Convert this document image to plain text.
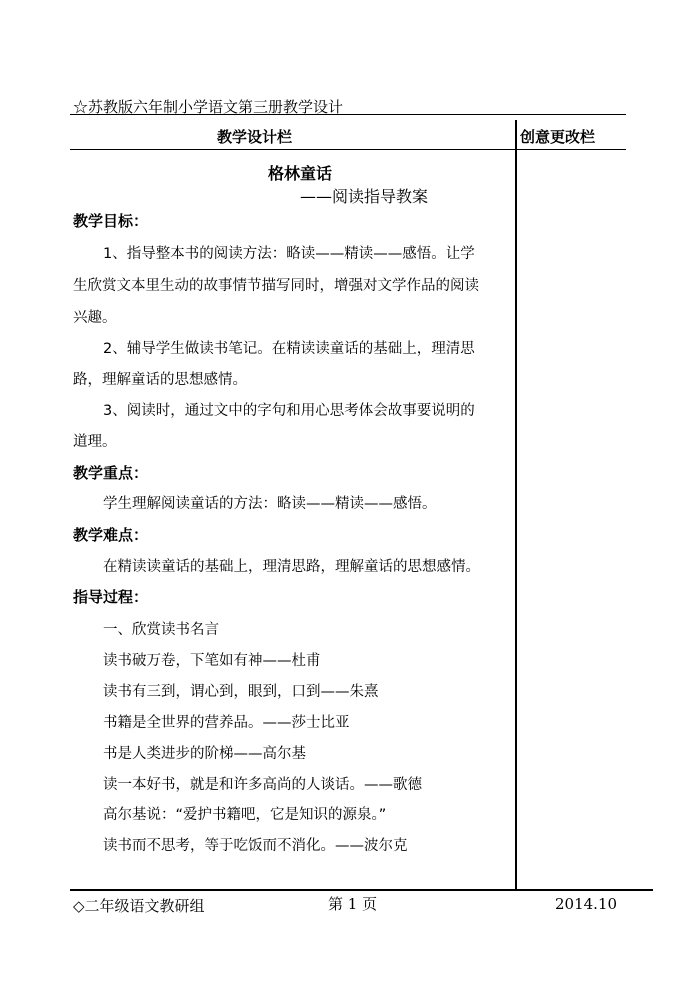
☆苏教版六年制小学语文第三册教学设计
教学设计栏	创意更改栏
格林童话
——阅读指导教案
教学目标：
1、指导整本书的阅读方法：略读——精读——感悟。让学
生欣赏文本里生动的故事情节描写同时，增强对文学作品的阅读
兴趣。
2、辅导学生做读书笔记。在精读读童话的基础上，理清思
路，理解童话的思想感情。
3、阅读时，通过文中的字句和用心思考体会故事要说明的
道理。
教学重点：
学生理解阅读童话的方法：略读——精读——感悟。
教学难点：
在精读读童话的基础上，理清思路，理解童话的思想感情。
指导过程：
一、欣赏读书名言
读书破万卷，下笔如有神——杜甫
读书有三到，谓心到，眼到，口到——朱熹
书籍是全世界的营养品。——莎士比亚
书是人类进步的阶梯——高尔基
读一本好书，就是和许多高尚的人谈话。——歌德
高尔基说：“爱护书籍吧，它是知识的源泉。”
读书而不思考，等于吃饭而不消化。——波尔克
◇二年级语文教研组	第 1 页	2014.10
